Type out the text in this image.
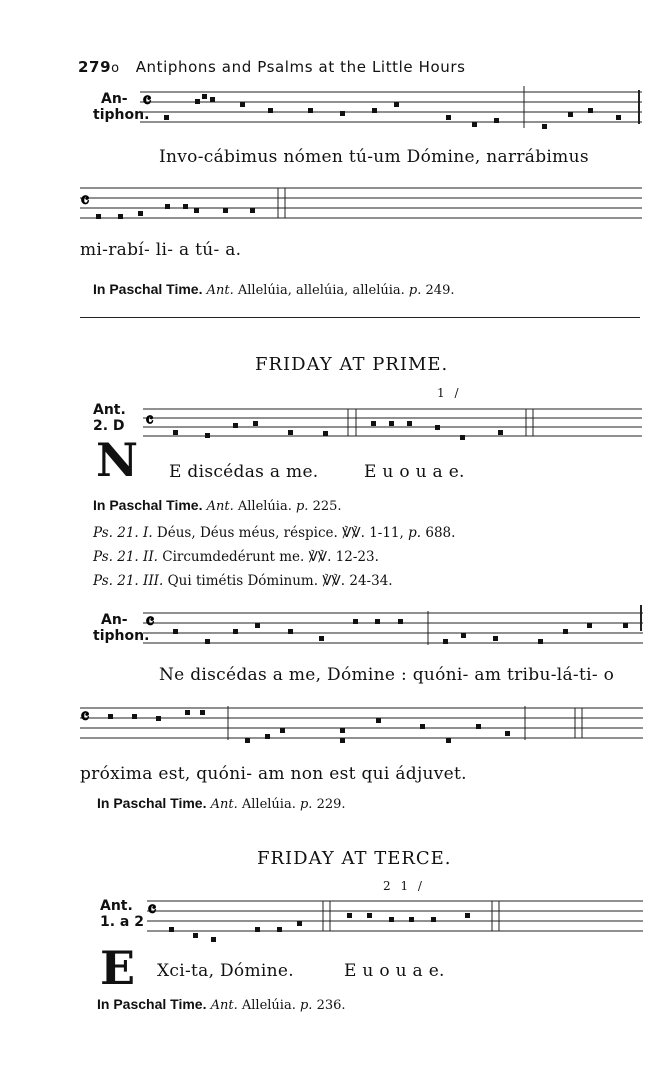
279o Antiphons and Psalms at the Little Hours
An-
tiphon.
𝄴
Invo-cábimus nómen tú-um Dómine, narrábimus
𝄴
mi-rabí- li- a tú- a.
In Paschal Time. Ant. Allelúia, allelúia, allelúia. p. 249.
FRIDAY AT PRIME.
1 /
Ant.
2. D 𝄴
N E discédas a me.	E u o u a e.
In Paschal Time. Ant. Allelúia. p. 225.
Ps. 21. I. Déus, Déus méus, réspice. ℣℣. 1-11, p. 688.
Ps. 21. II. Circumdedérunt me. ℣℣. 12-23.
Ps. 21. III. Qui timétis Dóminum. ℣℣. 24-34.
An-
tiphon.
𝄴
Ne discédas a me, Dómine : quóni- am tribu-lá-ti- o
𝄴
próxima est, quóni- am non est qui ádjuvet.
In Paschal Time. Ant. Allelúia. p. 229.
FRIDAY AT TERCE.
2 1 /
Ant.
1. a 2 𝄴
E Xci-ta, Dómine.	E u o u a e.
In Paschal Time. Ant. Allelúia. p. 236.
